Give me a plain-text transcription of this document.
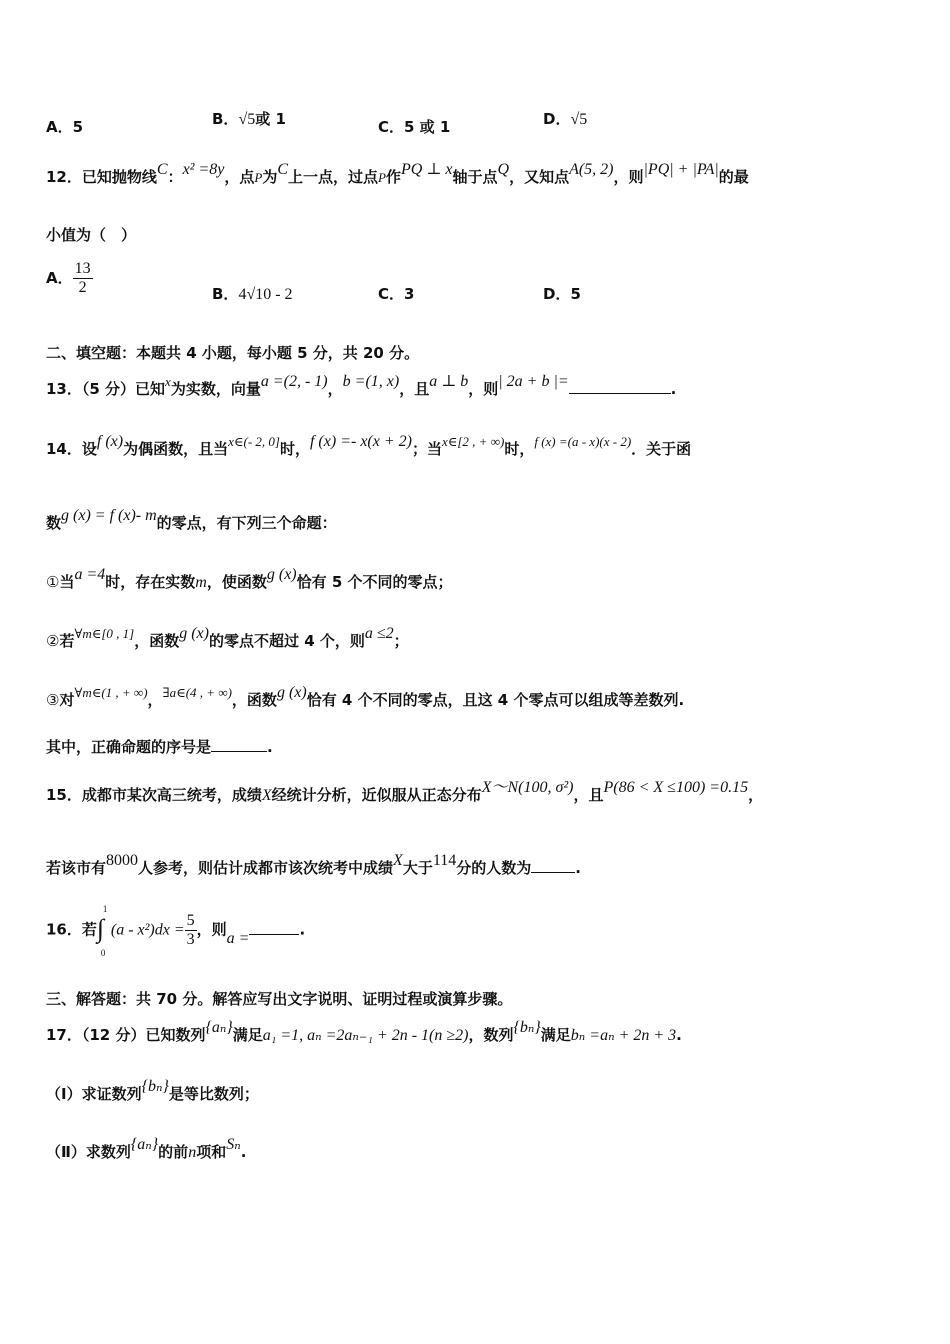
A．5	B．√5或 1	C．5 或 1	D．√5
12．已知抛物线C：x² =8y，点P为C上一点，过点P作PQ ⊥ x轴于点Q，又知点A(5, 2)，则|PQ| + |PA|的最
小值为（　）
A． $\frac{13}{2}$	B．4√10 - 2	C．3	D．5
二、填空题：本题共 4 小题，每小题 5 分，共 20 分。
13．（5 分）已知x为实数，向量a =(2, - 1)，b =(1, x)，且a ⊥ b，则| 2a + b |=	.
14．设f (x)为偶函数，且当x∈(- 2, 0]时，f (x) =- x(x + 2)；当x∈[2 , + ∞)时，f (x) =(a - x)(x - 2)．关于函
数g (x) = f (x)- m的零点，有下列三个命题：
①当a =4时，存在实数m，使函数g (x)恰有 5 个不同的零点；
②若∀m∈[0 , 1]，函数g (x)的零点不超过 4 个，则a ≤2；
③对∀m∈(1 , + ∞)，∃a∈(4 , + ∞)，函数g (x)恰有 4 个不同的零点，且这 4 个零点可以组成等差数列.
其中，正确命题的序号是	.
15．成都市某次高三统考，成绩X经统计分析，近似服从正态分布X～N(100, σ²)，且P(86 < X ≤100) =0.15，
若该市有8000人参考，则估计成都市该次统考中成绩X大于114分的人数为	.
16．若 ∫
1
0
$(a - x^2)dx = \frac{5}{3}$ ，则a =	.
三、解答题：共 70 分。解答应写出文字说明、证明过程或演算步骤。
17．（12 分）已知数列{aₙ}满足a₁ =1, aₙ =2aₙ₋₁ + 2n - 1(n ≥2)，数列{bₙ}满足bₙ =aₙ + 2n + 3.
（Ⅰ）求证数列{bₙ}是等比数列；
（Ⅱ）求数列{aₙ}的前n项和Sₙ.
